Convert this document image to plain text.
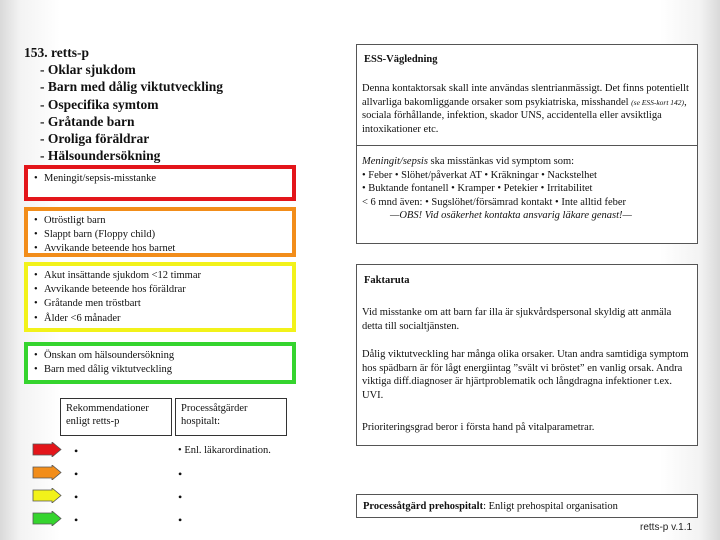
153. retts-p
- Oklar sjukdom
- Barn med dålig viktutveckling
- Ospecifika symtom
- Gråtande barn
- Oroliga föräldrar
- Hälsoundersökning
• Meningit/sepsis-misstanke
• Otröstligt barn
• Slappt barn (Floppy child)
• Avvikande beteende hos barnet
• Akut insättande sjukdom <12 timmar
• Avvikande beteende hos föräldrar
• Gråtande men tröstbart
• Ålder <6 månader
• Önskan om hälsoundersökning
• Barn med dålig viktutveckling
Rekommendationer enligt retts-p
Processåtgärder hospitalt:
•
•
•
•
• Enl. läkarordination.
•
•
•
ESS-Vägledning
Denna kontaktorsak skall inte användas slentrianmässigt. Det finns potentiellt allvarliga bakomliggande orsaker som psykiatriska, misshandel (se ESS-kort 142), sociala förhållande, infektion, skador UNS, accidentella eller avsiktliga intoxikationer etc.
Meningit/sepsis ska misstänkas vid symptom som:
• Feber • Slöhet/påverkat AT • Kräkningar • Nackstelhet
• Buktande fontanell • Kramper • Petekier • Irritabilitet
< 6 mnd även: • Sugslöhet/försämrad kontakt • Inte alltid feber
—OBS! Vid osäkerhet kontakta ansvarig läkare genast!—
Faktaruta
Vid misstanke om att barn far illa är sjukvårdspersonal skyldig att anmäla detta till socialtjänsten.
Dålig viktutveckling har många olika orsaker. Utan andra samtidiga symptom hos spädbarn är för lågt energiintag ”svält vi bröstet” en vanlig orsak. Andra viktiga diff.diagnoser är hjärtproblematik och långdragna infektioner t.ex. UVI.
Prioriteringsgrad beror i första hand på vitalparametrar.
Processåtgärd prehospitalt: Enligt prehospital organisation
retts-p v.1.1
